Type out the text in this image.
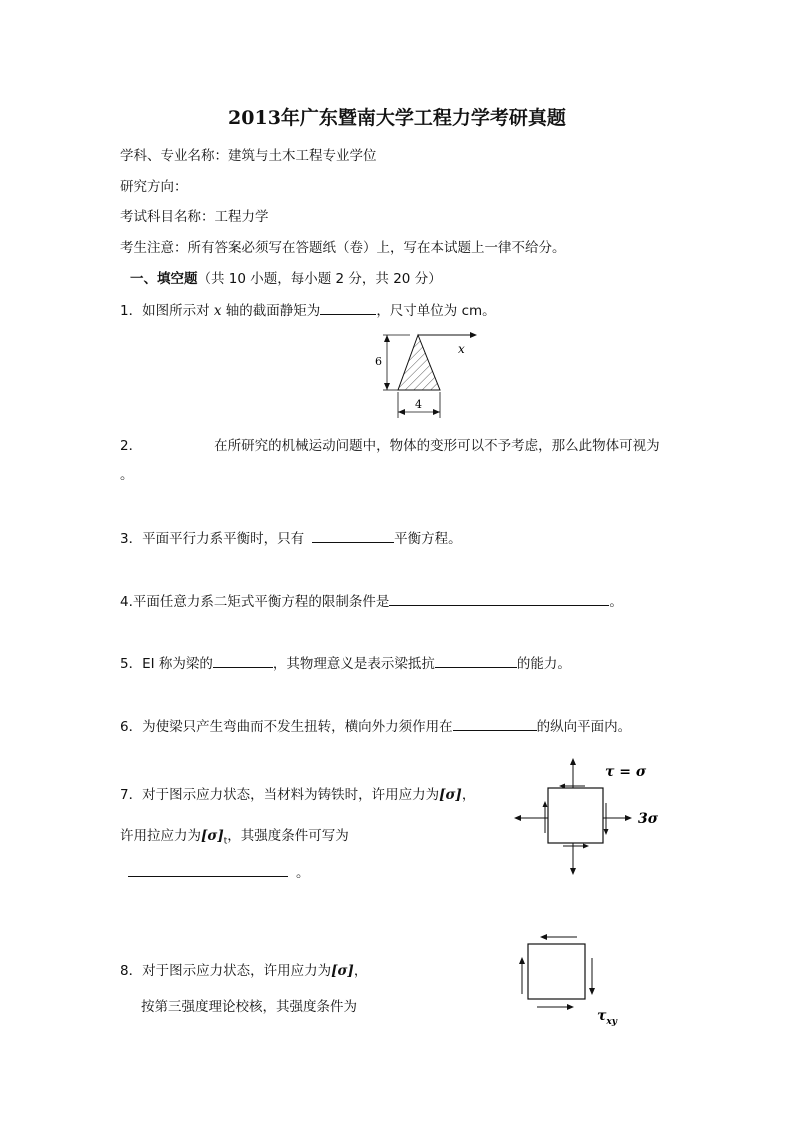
2013年广东暨南大学工程力学考研真题
学科、专业名称：建筑与土木工程专业学位
研究方向：
考试科目名称：工程力学
考生注意：所有答案必须写在答题纸（卷）上，写在本试题上一律不给分。
一、填空题（共 10 小题，每小题 2 分，共 20 分）
1．如图所示对 x 轴的截面静矩为	，尺寸单位为 cm。
x
6
4
2．	在所研究的机械运动问题中，物体的变形可以不予考虑，那么此物体可视为
。
3．平面平行力系平衡时，只有	平衡方程。
4.平面任意力系二矩式平衡方程的限制条件是	。
5．EI 称为梁的	，其物理意义是表示梁抵抗	的能力。
6．为使梁只产生弯曲而不发生扭转，横向外力须作用在	的纵向平面内。
7．对于图示应力状态，当材料为铸铁时，许用应力为[σ]，
许用拉应力为$[\sigma]_t$，其强度条件可写为
。
τ = σ
3σ
8．对于图示应力状态，许用应力为[σ]，
按第三强度理论校核，其强度条件为
$\tau_{xy}$
